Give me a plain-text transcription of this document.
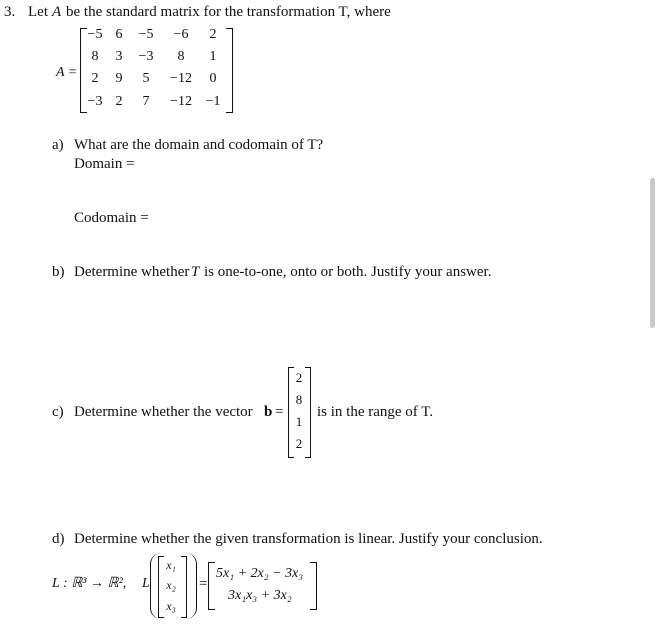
3. Let A be the standard matrix for the transformation T, where
A =
−5 6	−5	−6	2
8	3	−3	8	1
2	9	5	−12	0
−3 2	7	−12 −1
a) What are the domain and codomain of T?
Domain =
Codomain =
b) Determine whether T is one-to-one, onto or both. Justify your answer.
c) Determine whether the vector b =
2
8
1
2
is in the range of T.
d) Determine whether the given transformation is linear. Justify your conclusion.
L : ℝ³ → ℝ², L
x₁
x₂
x₃
=
5x₁ + 2x₂ − 3x₃
3x₁x₃ + 3x₂
